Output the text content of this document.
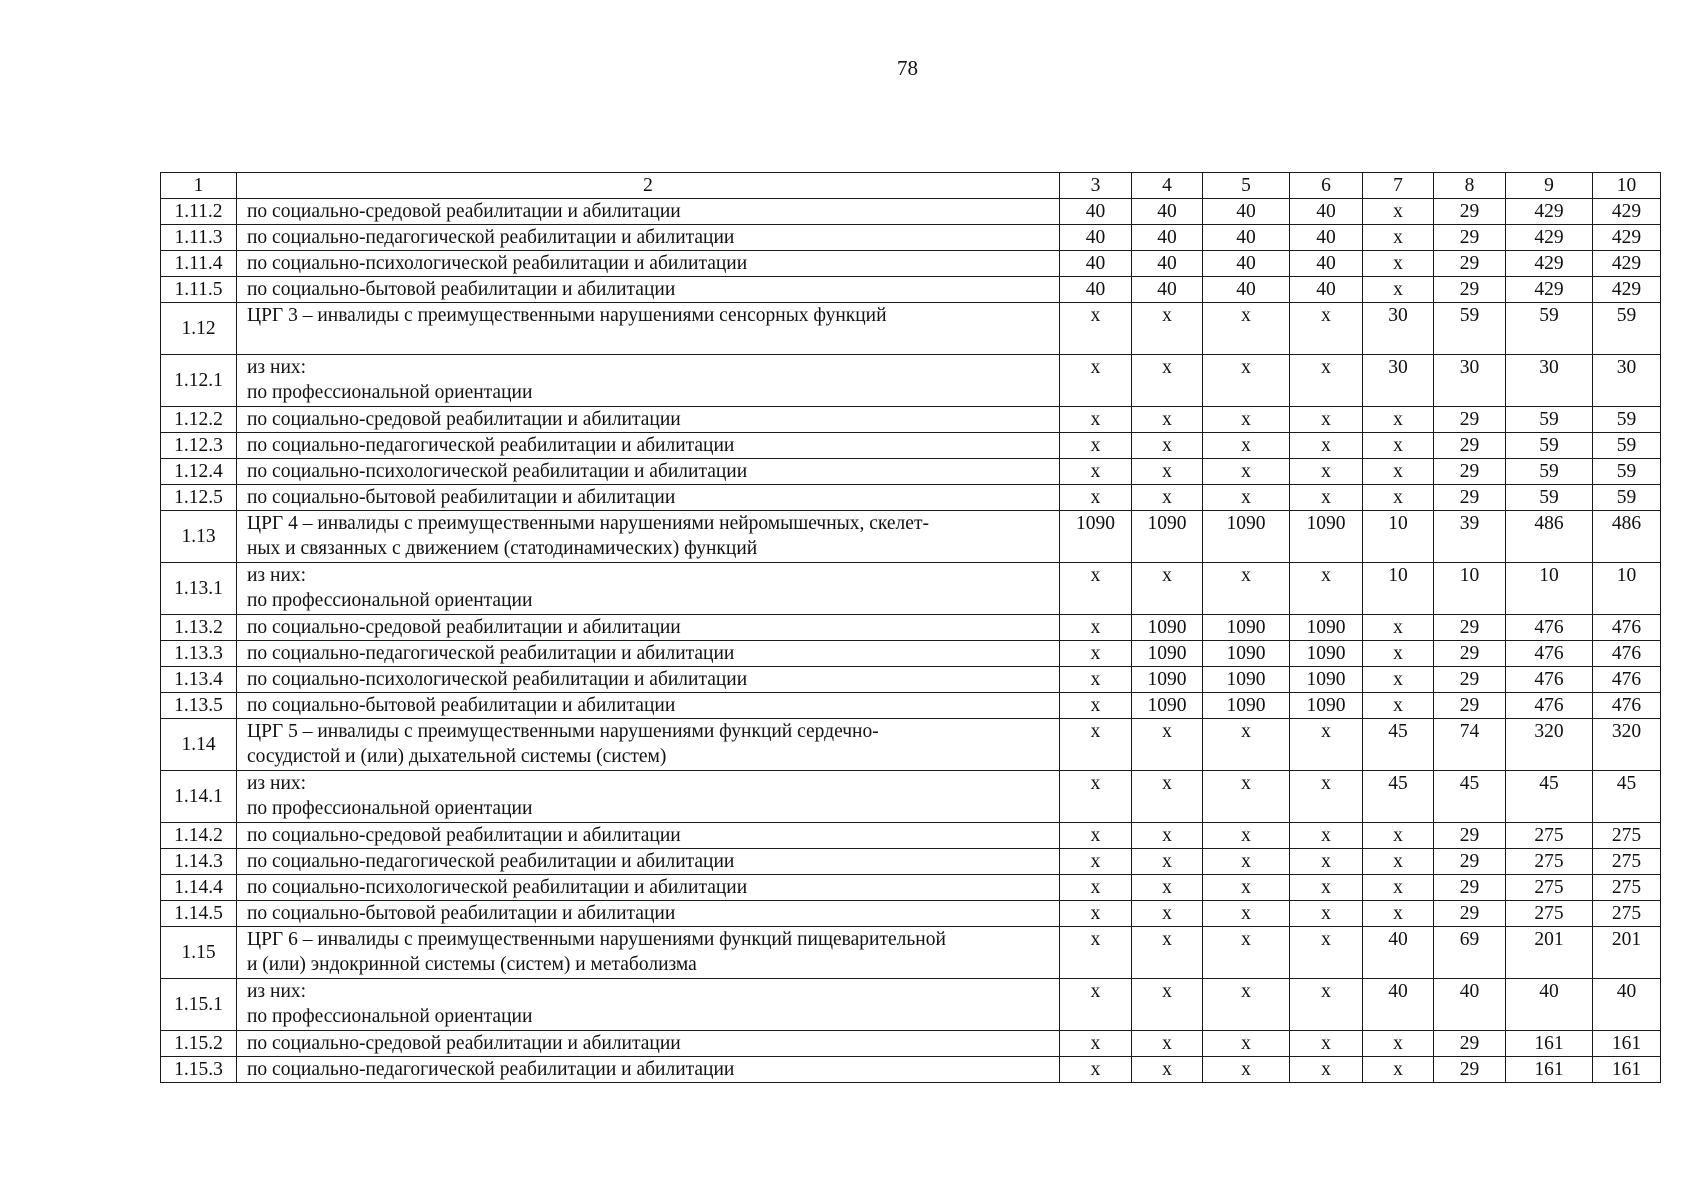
78
1	2	3	4	5	6	7	8	9	10
1.11.2	по социально-средовой реабилитации и абилитации	40	40	40	40	х	29	429	429
1.11.3	по социально-педагогической реабилитации и абилитации	40	40	40	40	х	29	429	429
1.11.4	по социально-психологической реабилитации и абилитации	40	40	40	40	х	29	429	429
1.11.5	по социально-бытовой реабилитации и абилитации	40	40	40	40	х	29	429	429
1.12	ЦРГ 3 – инвалиды с преимущественными нарушениями сенсорных функций	х	х	х	х	30	59	59	59
1.12.1	из них:
по профессиональной ориентации	х	х	х	х	30	30	30	30
1.12.2	по социально-средовой реабилитации и абилитации	х	х	х	х	х	29	59	59
1.12.3	по социально-педагогической реабилитации и абилитации	х	х	х	х	х	29	59	59
1.12.4	по социально-психологической реабилитации и абилитации	х	х	х	х	х	29	59	59
1.12.5	по социально-бытовой реабилитации и абилитации	х	х	х	х	х	29	59	59
1.13	ЦРГ 4 – инвалиды с преимущественными нарушениями нейромышечных, скелет-
ных и связанных с движением (статодинамических) функций	1090	1090	1090	1090	10	39	486	486
1.13.1	из них:
по профессиональной ориентации	х	х	х	х	10	10	10	10
1.13.2	по социально-средовой реабилитации и абилитации	х	1090	1090	1090	х	29	476	476
1.13.3	по социально-педагогической реабилитации и абилитации	х	1090	1090	1090	х	29	476	476
1.13.4	по социально-психологической реабилитации и абилитации	х	1090	1090	1090	х	29	476	476
1.13.5	по социально-бытовой реабилитации и абилитации	х	1090	1090	1090	х	29	476	476
1.14	ЦРГ 5 – инвалиды с преимущественными нарушениями функций сердечно-
сосудистой и (или) дыхательной системы (систем)	х	х	х	х	45	74	320	320
1.14.1	из них:
по профессиональной ориентации	х	х	х	х	45	45	45	45
1.14.2	по социально-средовой реабилитации и абилитации	х	х	х	х	х	29	275	275
1.14.3	по социально-педагогической реабилитации и абилитации	х	х	х	х	х	29	275	275
1.14.4	по социально-психологической реабилитации и абилитации	х	х	х	х	х	29	275	275
1.14.5	по социально-бытовой реабилитации и абилитации	х	х	х	х	х	29	275	275
1.15	ЦРГ 6 – инвалиды с преимущественными нарушениями функций пищеварительной
и (или) эндокринной системы (систем) и метаболизма	х	х	х	х	40	69	201	201
1.15.1	из них:
по профессиональной ориентации	х	х	х	х	40	40	40	40
1.15.2	по социально-средовой реабилитации и абилитации	х	х	х	х	х	29	161	161
1.15.3	по социально-педагогической реабилитации и абилитации	х	х	х	х	х	29	161	161
